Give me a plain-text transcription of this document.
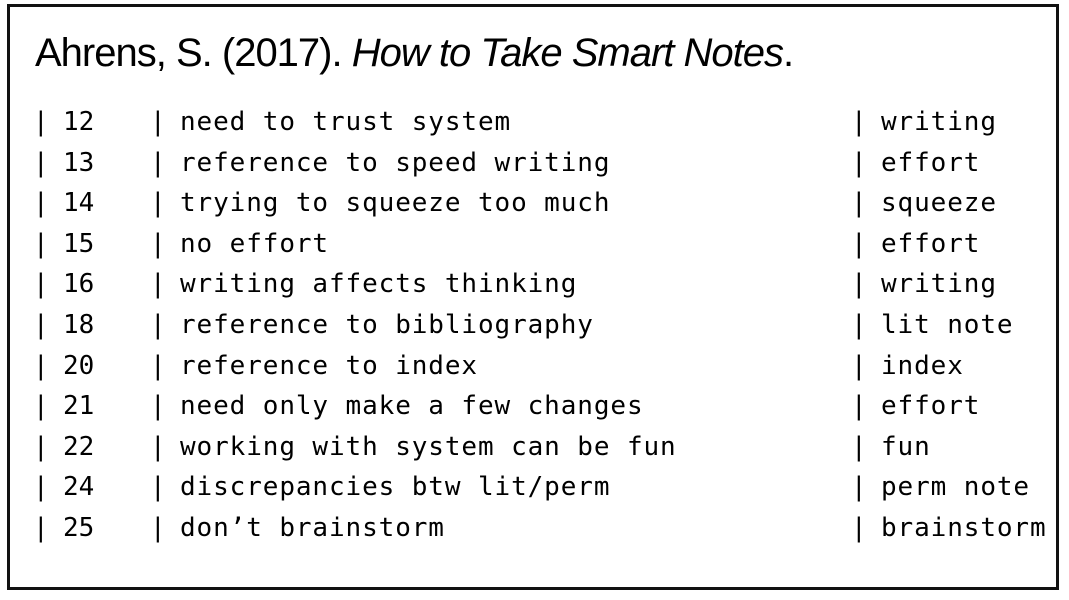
Ahrens, S. (2017). How to Take Smart Notes.
| 12 | need to trust system	| writing
| 13 | reference to speed writing	| effort
| 14 | trying to squeeze too much	| squeeze
| 15 | no effort	| effort
| 16 | writing affects thinking	| writing
| 18 | reference to bibliography	| lit note
| 20 | reference to index	| index
| 21 | need only make a few changes	| effort
| 22 | working with system can be fun	| fun
| 24 | discrepancies btw lit/perm	| perm note
| 25 | don’t brainstorm	| brainstorm
